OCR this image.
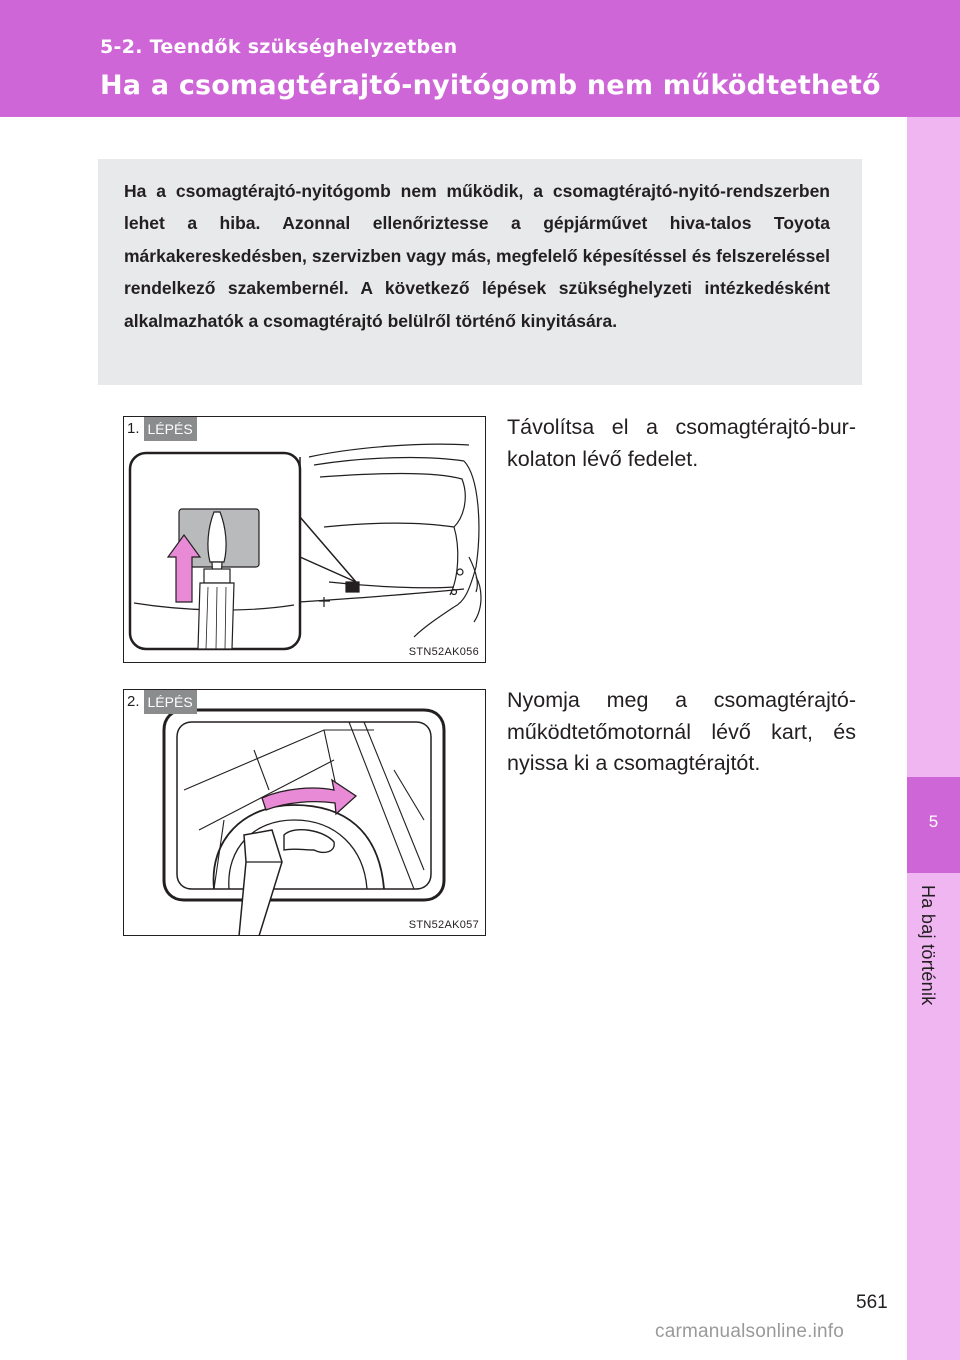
5-2. Teendők szükséghelyzetben
Ha a csomagtérajtó-nyitógomb nem működtethető
5
Ha baj történik

Ha a csomagtérajtó-nyitógomb nem működik, a csomagtérajtó-nyitó-rendszerben lehet a hiba. Azonnal ellenőriztesse a gépjárművet hiva-talos Toyota márkakereskedésben, szervizben vagy más, megfelelő képesítéssel és felszereléssel rendelkező szakembernél. A következő lépések szükséghelyzeti intézkedésként alkalmazhatók a csomagtérajtó belülről történő kinyitására.

1. LÉPÉS
STN52AK056
Távolítsa el a csomagtérajtó-bur-kolaton lévő fedelet.
2. LÉPÉS
STN52AK057
Nyomja meg a csomagtérajtó-működtetőmotornál lévő kart, és nyissa ki a csomagtérajtót.
561
carmanualsonline.info
